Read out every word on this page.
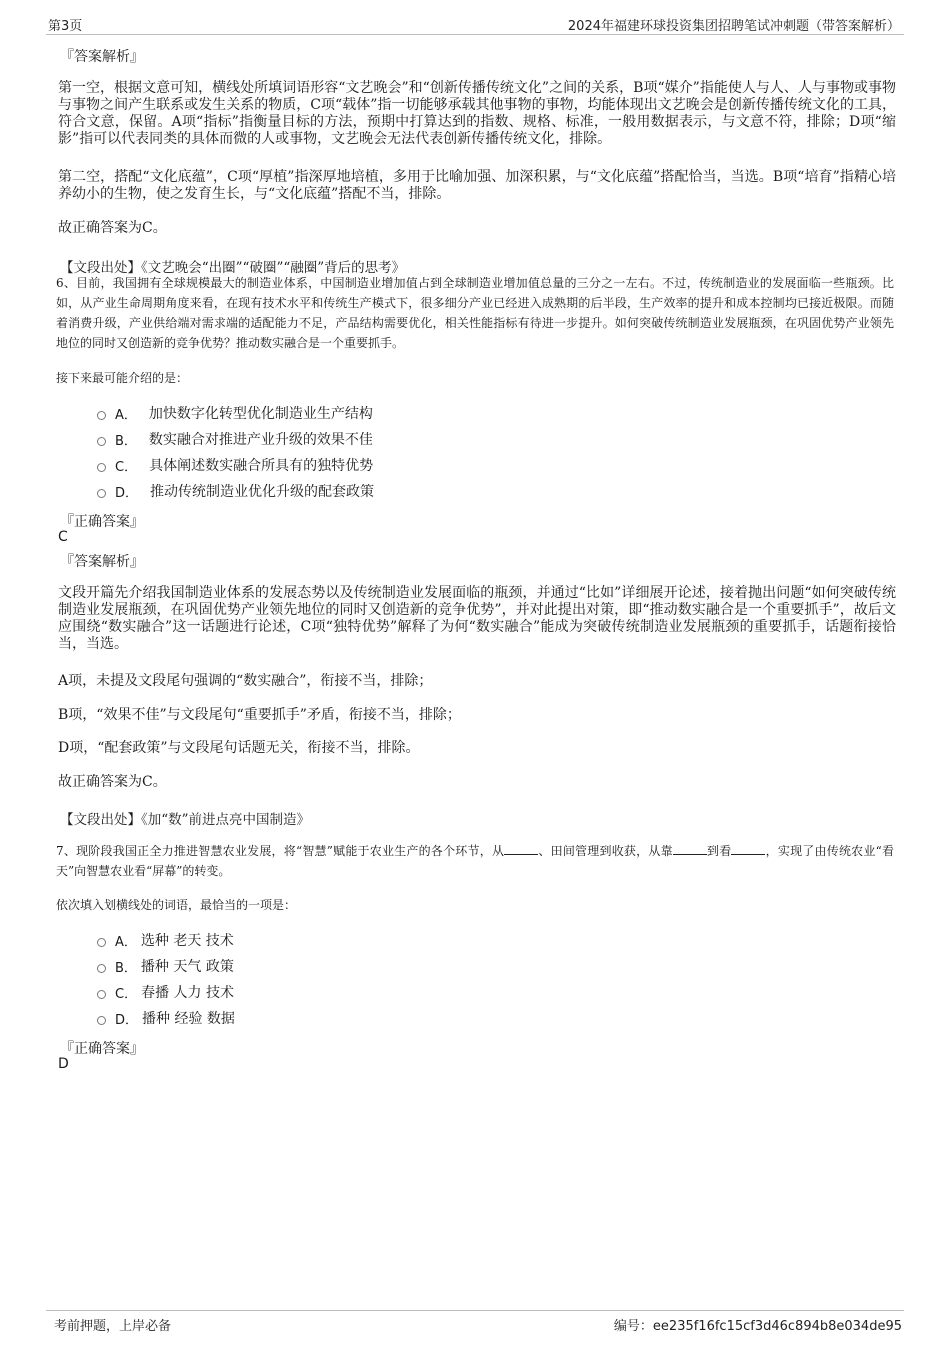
第3页	2024年福建环球投资集团招聘笔试冲刺题（带答案解析）
『答案解析』
第一空，根据文意可知，横线处所填词语形容“文艺晚会”和“创新传播传统文化”之间的关系，B项“媒介”指能使人与人、人与事物或事物与事物之间产生联系或发生关系的物质，C项“载体”指一切能够承载其他事物的事物，均能体现出文艺晚会是创新传播传统文化的工具，符合文意，保留。A项“指标”指衡量目标的方法，预期中打算达到的指数、规格、标准，一般用数据表示，与文意不符，排除；D项“缩影”指可以代表同类的具体而微的人或事物，文艺晚会无法代表创新传播传统文化，排除。
第二空，搭配“文化底蕴”，C项“厚植”指深厚地培植，多用于比喻加强、加深积累，与“文化底蕴”搭配恰当，当选。B项“培育”指精心培养幼小的生物，使之发育生长，与“文化底蕴”搭配不当，排除。
故正确答案为C。
【文段出处】《文艺晚会“出圈”“破圈”“融圈”背后的思考》
6、目前，我国拥有全球规模最大的制造业体系，中国制造业增加值占到全球制造业增加值总量的三分之一左右。不过，传统制造业的发展面临一些瓶颈。比如，从产业生命周期角度来看，在现有技术水平和传统生产模式下，很多细分产业已经进入成熟期的后半段，生产效率的提升和成本控制均已接近极限。而随着消费升级，产业供给端对需求端的适配能力不足，产品结构需要优化，相关性能指标有待进一步提升。如何突破传统制造业发展瓶颈，在巩固优势产业领先地位的同时又创造新的竞争优势？推动数实融合是一个重要抓手。
接下来最可能介绍的是：
A． 加快数字化转型优化制造业生产结构
B． 数实融合对推进产业升级的效果不佳
C． 具体阐述数实融合所具有的独特优势
D． 推动传统制造业优化升级的配套政策
『正确答案』
C
『答案解析』
文段开篇先介绍我国制造业体系的发展态势以及传统制造业发展面临的瓶颈，并通过“比如”详细展开论述，接着抛出问题“如何突破传统制造业发展瓶颈，在巩固优势产业领先地位的同时又创造新的竞争优势”，并对此提出对策，即“推动数实融合是一个重要抓手”，故后文应围绕“数实融合”这一话题进行论述，C项“独特优势”解释了为何“数实融合”能成为突破传统制造业发展瓶颈的重要抓手，话题衔接恰当，当选。
A项，未提及文段尾句强调的“数实融合”，衔接不当，排除；
B项，“效果不佳”与文段尾句“重要抓手”矛盾，衔接不当，排除；
D项，“配套政策”与文段尾句话题无关，衔接不当，排除。
故正确答案为C。
【文段出处】《加“数”前进点亮中国制造》
7、现阶段我国正全力推进智慧农业发展，将“智慧”赋能于农业生产的各个环节，从	、田间管理到收获，从靠	到看	，实现了由传统农业“看天”向智慧农业看“屏幕”的转变。
依次填入划横线处的词语，最恰当的一项是：
A． 选种 老天 技术
B． 播种 天气 政策
C． 春播 人力 技术
D． 播种 经验 数据
『正确答案』
D
考前押题，上岸必备	编号：ee235f16fc15cf3d46c894b8e034de95
